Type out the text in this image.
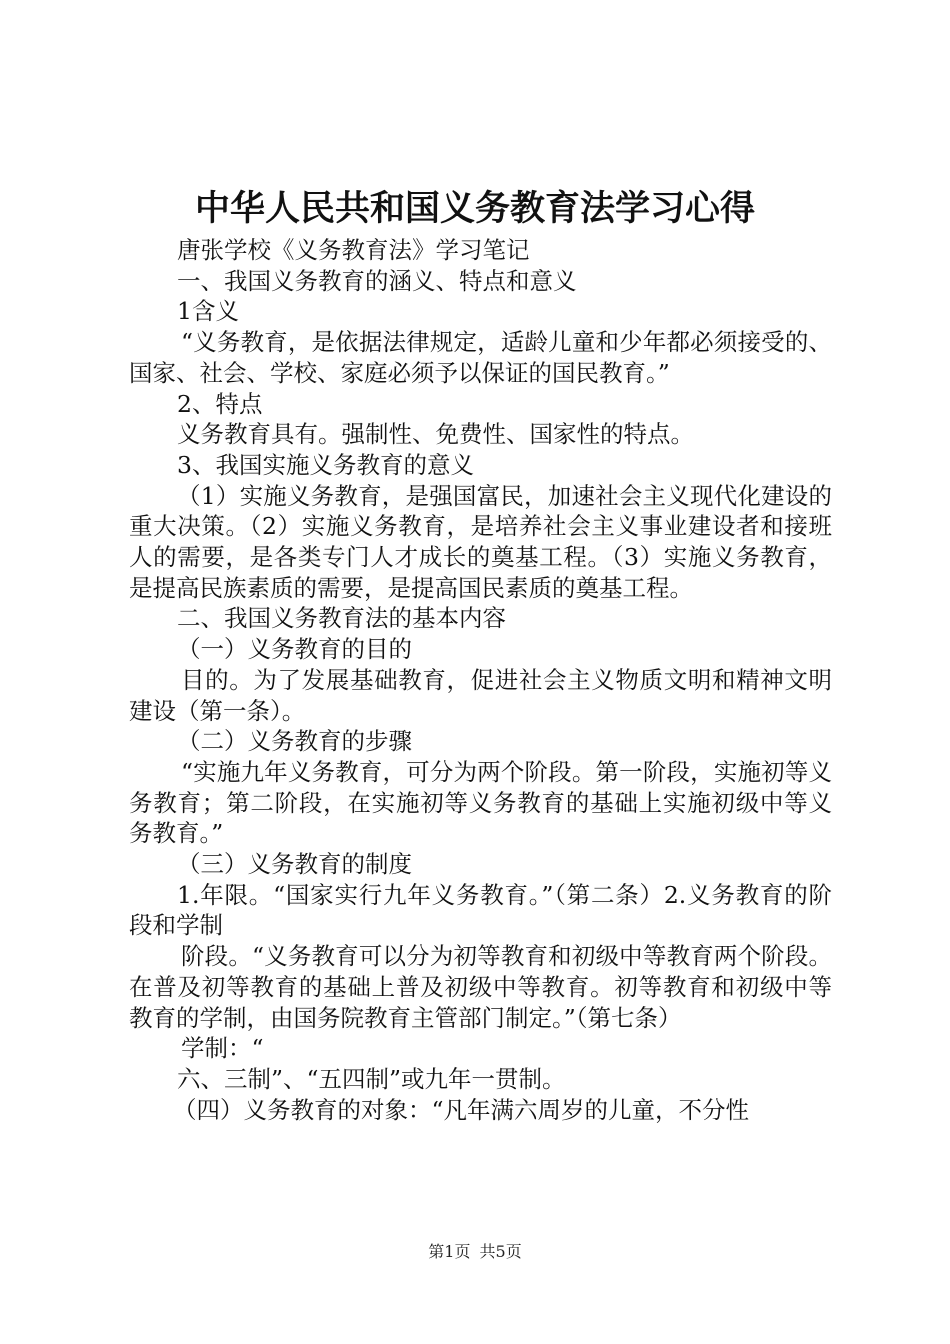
中华人民共和国义务教育法学习心得

唐张学校《义务教育法》学习笔记

一、我国义务教育的涵义、特点和意义

1含义

“义务教育，是依据法律规定，适龄儿童和少年都必须接受的、国家、社会、学校、家庭必须予以保证的国民教育。”

2、特点

义务教育具有。强制性、免费性、国家性的特点。

3、我国实施义务教育的意义

（1）实施义务教育，是强国富民，加速社会主义现代化建设的重大决策。（2）实施义务教育，是培养社会主义事业建设者和接班人的需要，是各类专门人才成长的奠基工程。（3）实施义务教育，是提高民族素质的需要，是提高国民素质的奠基工程。

二、我国义务教育法的基本内容

（一）义务教育的目的

目的。为了发展基础教育，促进社会主义物质文明和精神文明建设（第一条）。

（二）义务教育的步骤

“实施九年义务教育，可分为两个阶段。第一阶段，实施初等义务教育；第二阶段，在实施初等义务教育的基础上实施初级中等义务教育。”

（三）义务教育的制度

1.年限。“国家实行九年义务教育。”（第二条）2.义务教育的阶段和学制

阶段。“义务教育可以分为初等教育和初级中等教育两个阶段。在普及初等教育的基础上普及初级中等教育。初等教育和初级中等教育的学制，由国务院教育主管部门制定。”（第七条）

学制：“

六、三制”、“五四制”或九年一贯制。

（四）义务教育的对象：“凡年满六周岁的儿童，不分性

第1页 共5页
